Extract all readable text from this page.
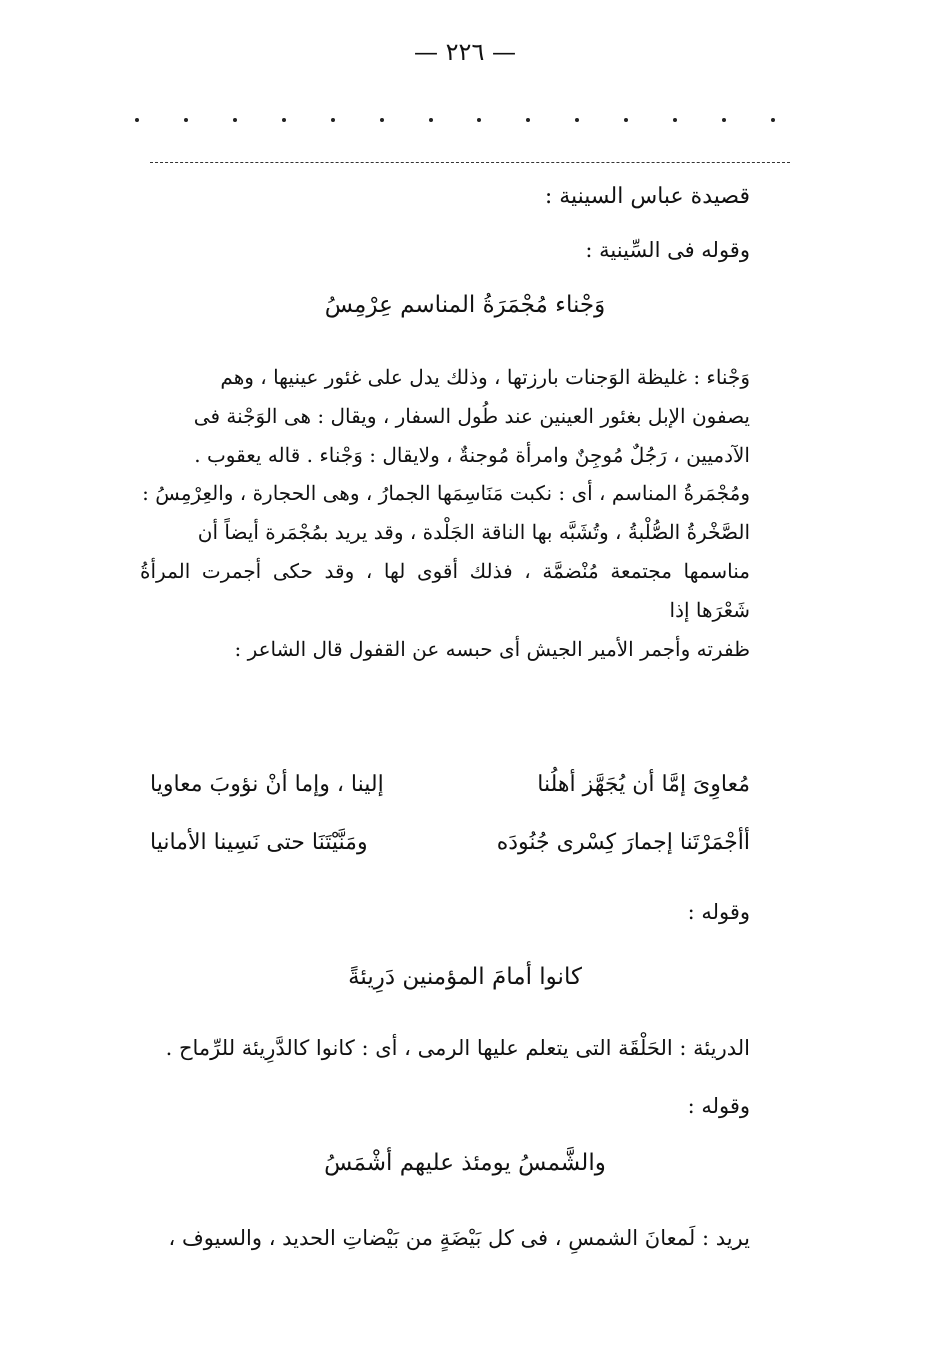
— ٢٢٦ —
قصيدة عباس السينية :
وقوله فى السِّينية :
وَجْناء مُجْمَرَةُ المناسم عِرْمِسُ
وَجْناء : غليظة الوَجنات بارزتها ، وذلك يدل على غئور عينيها ، وهم
يصفون الإبل بغئور العينين عند طُول السفار ، ويقال : هى الوَجْنة فى
الآدميين ، رَجُلٌ مُوجِنٌ وامرأة مُوجنةٌ ، ولايقال : وَجْناء . قاله يعقوب .
ومُجْمَرةُ المناسم ، أى : نكبت مَنَاسِمَها الجمارُ ، وهى الحجارة ، والعِرْمِسُ :
الصَّخْرةُ الصُّلْبةُ ، وتُشَبَّه بها الناقة الجَلْدة ، وقد يريد بمُجْمَرة أيضاً أن
مناسمها مجتمعة مُنْضمَّة ، فذلك أقوى لها ، وقد حكى أجمرت المرأةُ شَعْرَها إذا
ظفرته وأجمر الأمير الجيش أى حبسه عن القفول قال الشاعر :
مُعاوِىَ إمَّا أن يُجَهَّز أهلُنا
إلينا ، وإما أنْ نؤوبَ معاويا
أأجْمَرْتَنا إجمارَ كِسْرى جُنُودَه
ومَنَّيْتَنَا حتى نَسِينا الأمانيا
وقوله :
كانوا أمامَ المؤمنين دَرِيئةً
الدريئة : الحَلْقَة التى يتعلم عليها الرمى ، أى : كانوا كالدَّرِيئة للرِّماح .
وقوله :
والشَّمسُ يومئذ عليهم أشْمَسُ
يريد : لَمعانَ الشمسِ ، فى كل بَيْضَةٍ من بَيْضاتِ الحديد ، والسيوف ،
